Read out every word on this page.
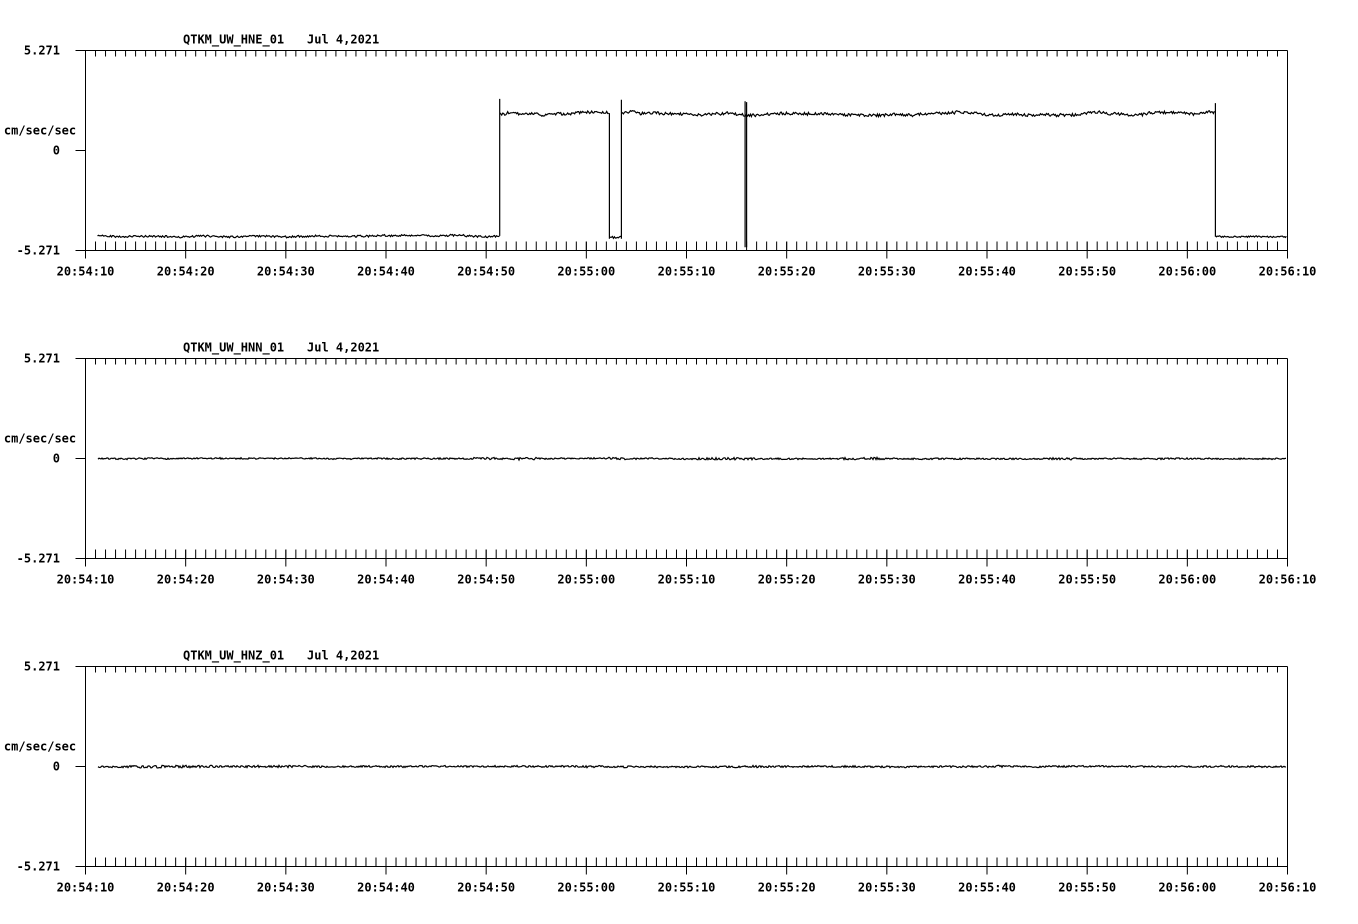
20:54:10	20:54:20	20:54:30	20:54:40	20:54:50	20:55:00	20:55:10	20:55:20	20:55:30	20:55:40	20:55:50	20:56:00	20:56:10
5.271
0
-5.271
cm/sec/sec
QTKM_UW_HNE_01 Jul 4,2021
20:54:10	20:54:20	20:54:30	20:54:40	20:54:50	20:55:00	20:55:10	20:55:20	20:55:30	20:55:40	20:55:50	20:56:00	20:56:10
5.271
0
-5.271
cm/sec/sec
QTKM_UW_HNN_01 Jul 4,2021
20:54:10	20:54:20	20:54:30	20:54:40	20:54:50	20:55:00	20:55:10	20:55:20	20:55:30	20:55:40	20:55:50	20:56:00	20:56:10
5.271
0
-5.271
cm/sec/sec
QTKM_UW_HNZ_01 Jul 4,2021
